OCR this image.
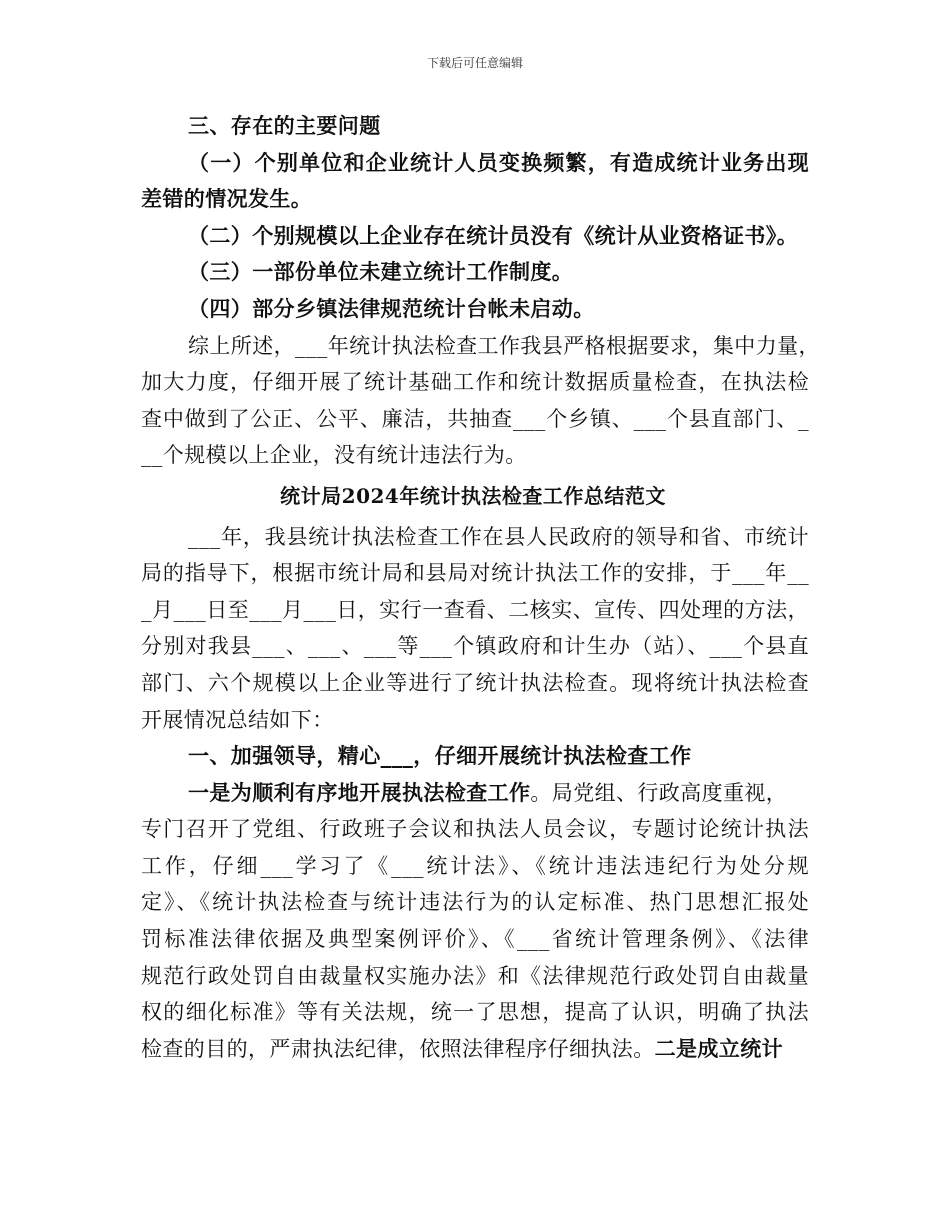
下载后可任意编辑
三、存在的主要问题
（一）个别单位和企业统计人员变换频繁，有造成统计业务出现
差错的情况发生。
（二）个别规模以上企业存在统计员没有《统计从业资格证书》。
（三）一部份单位未建立统计工作制度。
（四）部分乡镇法律规范统计台帐未启动。
综上所述，___年统计执法检查工作我县严格根据要求，集中力量，
加大力度，仔细开展了统计基础工作和统计数据质量检查，在执法检
查中做到了公正、公平、廉洁，共抽查___个乡镇、___个县直部门、_
__个规模以上企业，没有统计违法行为。
统计局2024年统计执法检查工作总结范文
___年，我县统计执法检查工作在县人民政府的领导和省、市统计
局的指导下，根据市统计局和县局对统计执法工作的安排，于___年__
_月___日至___月___日，实行一查看、二核实、宣传、四处理的方法，
分别对我县___、___、___等___个镇政府和计生办（站）、___个县直
部门、六个规模以上企业等进行了统计执法检查。现将统计执法检查
开展情况总结如下：
一、加强领导，精心___，仔细开展统计执法检查工作
一是为顺利有序地开展执法检查工作。局党组、行政高度重视，
专门召开了党组、行政班子会议和执法人员会议，专题讨论统计执法
工作，仔细___学习了《___统计法》、《统计违法违纪行为处分规
定》、《统计执法检查与统计违法行为的认定标准、热门思想汇报处
罚标准法律依据及典型案例评价》、《___省统计管理条例》、《法律
规范行政处罚自由裁量权实施办法》和《法律规范行政处罚自由裁量
权的细化标准》等有关法规，统一了思想，提高了认识，明确了执法
检查的目的，严肃执法纪律，依照法律程序仔细执法。二是成立统计
